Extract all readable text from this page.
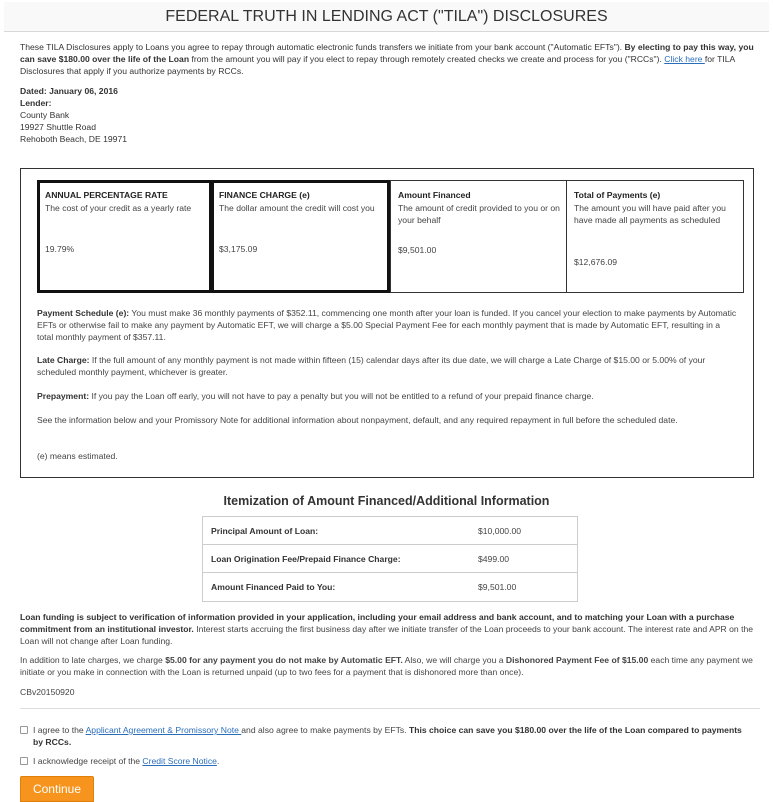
FEDERAL TRUTH IN LENDING ACT ("TILA") DISCLOSURES

These TILA Disclosures apply to Loans you agree to repay through automatic electronic funds transfers we initiate from your bank account ("Automatic EFTs"). By electing to pay this way, you can save $180.00 over the life of the Loan from the amount you will pay if you elect to repay through remotely created checks we create and process for you ("RCCs"). Click here for TILA Disclosures that apply if you authorize payments by RCCs.

Dated: January 06, 2016
Lender:
County Bank
19927 Shuttle Road
Rehoboth Beach, DE 19971
ANNUAL PERCENTAGE RATE
The cost of your credit as a yearly rate
19.79%
FINANCE CHARGE (e)
The dollar amount the credit will cost you
$3,175.09
Amount Financed
The amount of credit provided to you or on your behalf
$9,501.00
Total of Payments (e)
The amount you will have paid after you have made all payments as scheduled
$12,676.09

Payment Schedule (e): You must make 36 monthly payments of $352.11, commencing one month after your loan is funded. If you cancel your election to make payments by Automatic EFTs or otherwise fail to make any payment by Automatic EFT, we will charge a $5.00 Special Payment Fee for each monthly payment that is made by Automatic EFT, resulting in a total monthly payment of $357.11.

Late Charge: If the full amount of any monthly payment is not made within fifteen (15) calendar days after its due date, we will charge a Late Charge of $15.00 or 5.00% of your scheduled monthly payment, whichever is greater.

Prepayment: If you pay the Loan off early, you will not have to pay a penalty but you will not be entitled to a refund of your prepaid finance charge.

See the information below and your Promissory Note for additional information about nonpayment, default, and any required repayment in full before the scheduled date.

(e) means estimated.

Itemization of Amount Financed/Additional Information
Principal Amount of Loan:	$10,000.00
Loan Origination Fee/Prepaid Finance Charge:	$499.00
Amount Financed Paid to You:	$9,501.00

Loan funding is subject to verification of information provided in your application, including your email address and bank account, and to matching your Loan with a purchase commitment from an institutional investor. Interest starts accruing the first business day after we initiate transfer of the Loan proceeds to your bank account. The interest rate and APR on the Loan will not change after Loan funding.

In addition to late charges, we charge $5.00 for any payment you do not make by Automatic EFT. Also, we will charge you a Dishonored Payment Fee of $15.00 each time any payment we initiate or you make in connection with the Loan is returned unpaid (up to two fees for a payment that is dishonored more than once).

CBv20150920
I agree to the Applicant Agreement & Promissory Note and also agree to make payments by EFTs. This choice can save you $180.00 over the life of the Loan compared to payments by RCCs.
I acknowledge receipt of the Credit Score Notice.
Continue
